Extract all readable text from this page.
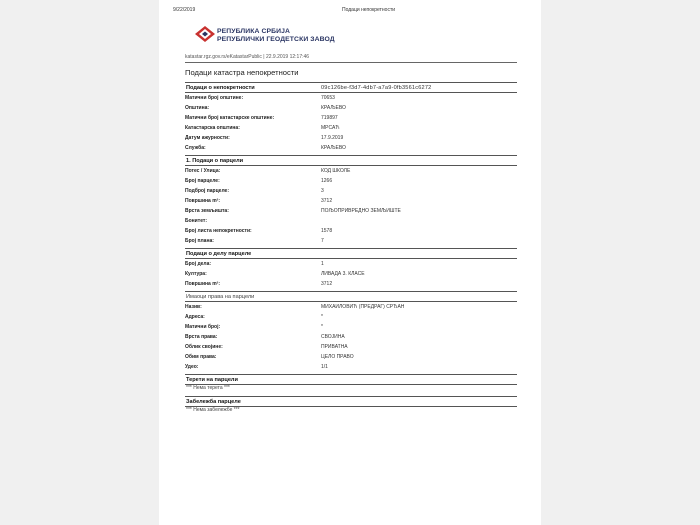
9/22/2019	Подаци непокретности
РЕПУБЛИКА СРБИЈА
РЕПУБЛИЧКИ ГЕОДЕТСКИ ЗАВОД
katastar.rgz.gov.rs/eKatastarPublic | 22.9.2019 12:17:46
Подаци катастра непокретности
Подаци о непокретности	09c126be-f3d7-4db7-a7a9-0fb3561c6272
Матични број општине:	70653
Општина:	КРАЉЕВО
Матични број катастарске општине:	719897
Катастарска општина:	МРСАЋ
Датум ажурности:	17.9.2019
Служба:	КРАЉЕВО
1. Подаци о парцели
Потес / Улица:	КОД ШКОЛЕ
Број парцеле:	1266
Подброј парцеле:	3
Површина m²:	3712
Врста земљишта:	ПОЉОПРИВРЕДНО ЗЕМЉИШТЕ
Бонитет:
Број листа непокретности:	1578
Број плана:	7
Подаци о делу парцеле
Број дела:	1
Култура:	ЛИВАДА 3. КЛАСЕ
Површина m²:	3712
Имаоци права на парцели
Назив:	МИХАИЛОВИЋ (ПРЕДРАГ) СРЂАН
Адреса:	*
Матични број:	*
Врста права:	СВОЈИНА
Облик својине:	ПРИВАТНА
Обим права:	ЦЕЛО ПРАВО
Удео:	1/1
Терети на парцели
*** Нема терета ***
Забележба парцеле
*** Нема забележбе ***
